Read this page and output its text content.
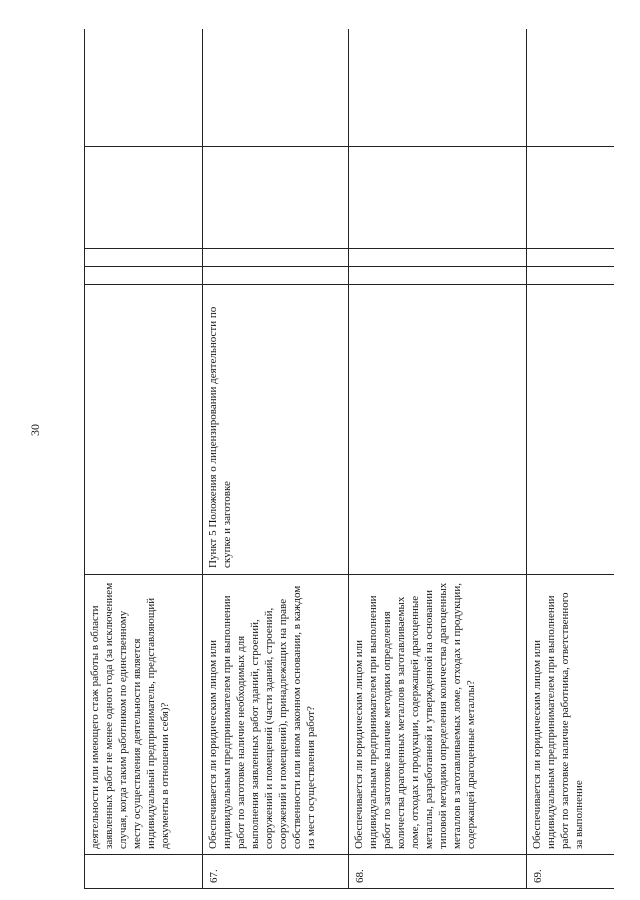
30
	деятельности или имеющего стаж работы в области заявленных работ не менее одного года (за исключением случая, когда таким работником по единственному месту осуществления деятельности является индивидуальный предприниматель, представляющий документы в отношении себя)?					
67.	Обеспечивается ли юридическим лицом или индивидуальным предпринимателем при выполнении работ по заготовке наличие необходимых для выполнения заявленных работ зданий, строений, сооружений и помещений (части зданий, строений, сооружений и помещений), принадлежащих на праве собственности или ином законном основании, в каждом из мест осуществления работ?	Пункт 5 Положения о лицензировании деятельности по скупке и заготовке				
68.	Обеспечивается ли юридическим лицом или индивидуальным предпринимателем при выполнении работ по заготовке наличие методики определения количества драгоценных металлов в заготавливаемых ломе, отходах и продукции, содержащей драгоценные металлы, разработанной и утвержденной на основании типовой методики определения количества драгоценных металлов в заготавливаемых ломе, отходах и продукции, содержащей драгоценные металлы?					
69.	Обеспечивается ли юридическим лицом или индивидуальным предпринимателем при выполнении работ по заготовке наличие работника, ответственного за выполнение					
